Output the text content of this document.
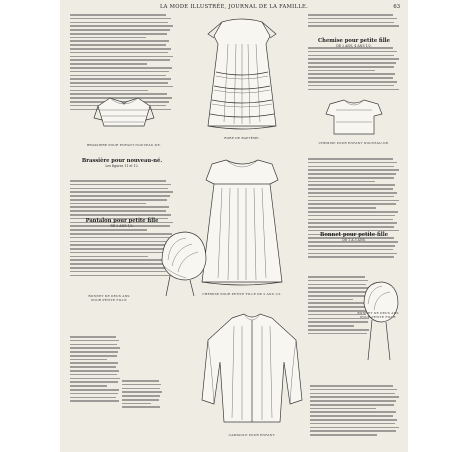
LA MODE ILLUSTRÉE, JOURNAL DE LA FAMILLE.	63
Chemise pour petite fille
DE 2 ANS, 4 ANS 1/2.
Brassière pour nouveau-né.
Les figures 11 et 12.
Pantalon pour petite fille
DE 2 ANS 1/2.
Bonnet pour petite fille
DE 1 A 3 ANS.
BRASSIÈRE POUR ENFANT NOUVEAU-NÉ.
ROBE DE BAPTÊME.
CHEMISE POUR ENFANT NOUVEAU-NÉ.
CHEMISE POUR PETITE FILLE DE 2 ANS 1/2.
BONNET DE DEUX ANS POUR PETITE FILLE
CAMISOLE POUR ENFANT.
BONNET DE DEUX ANS POUR PETITE FILLE
